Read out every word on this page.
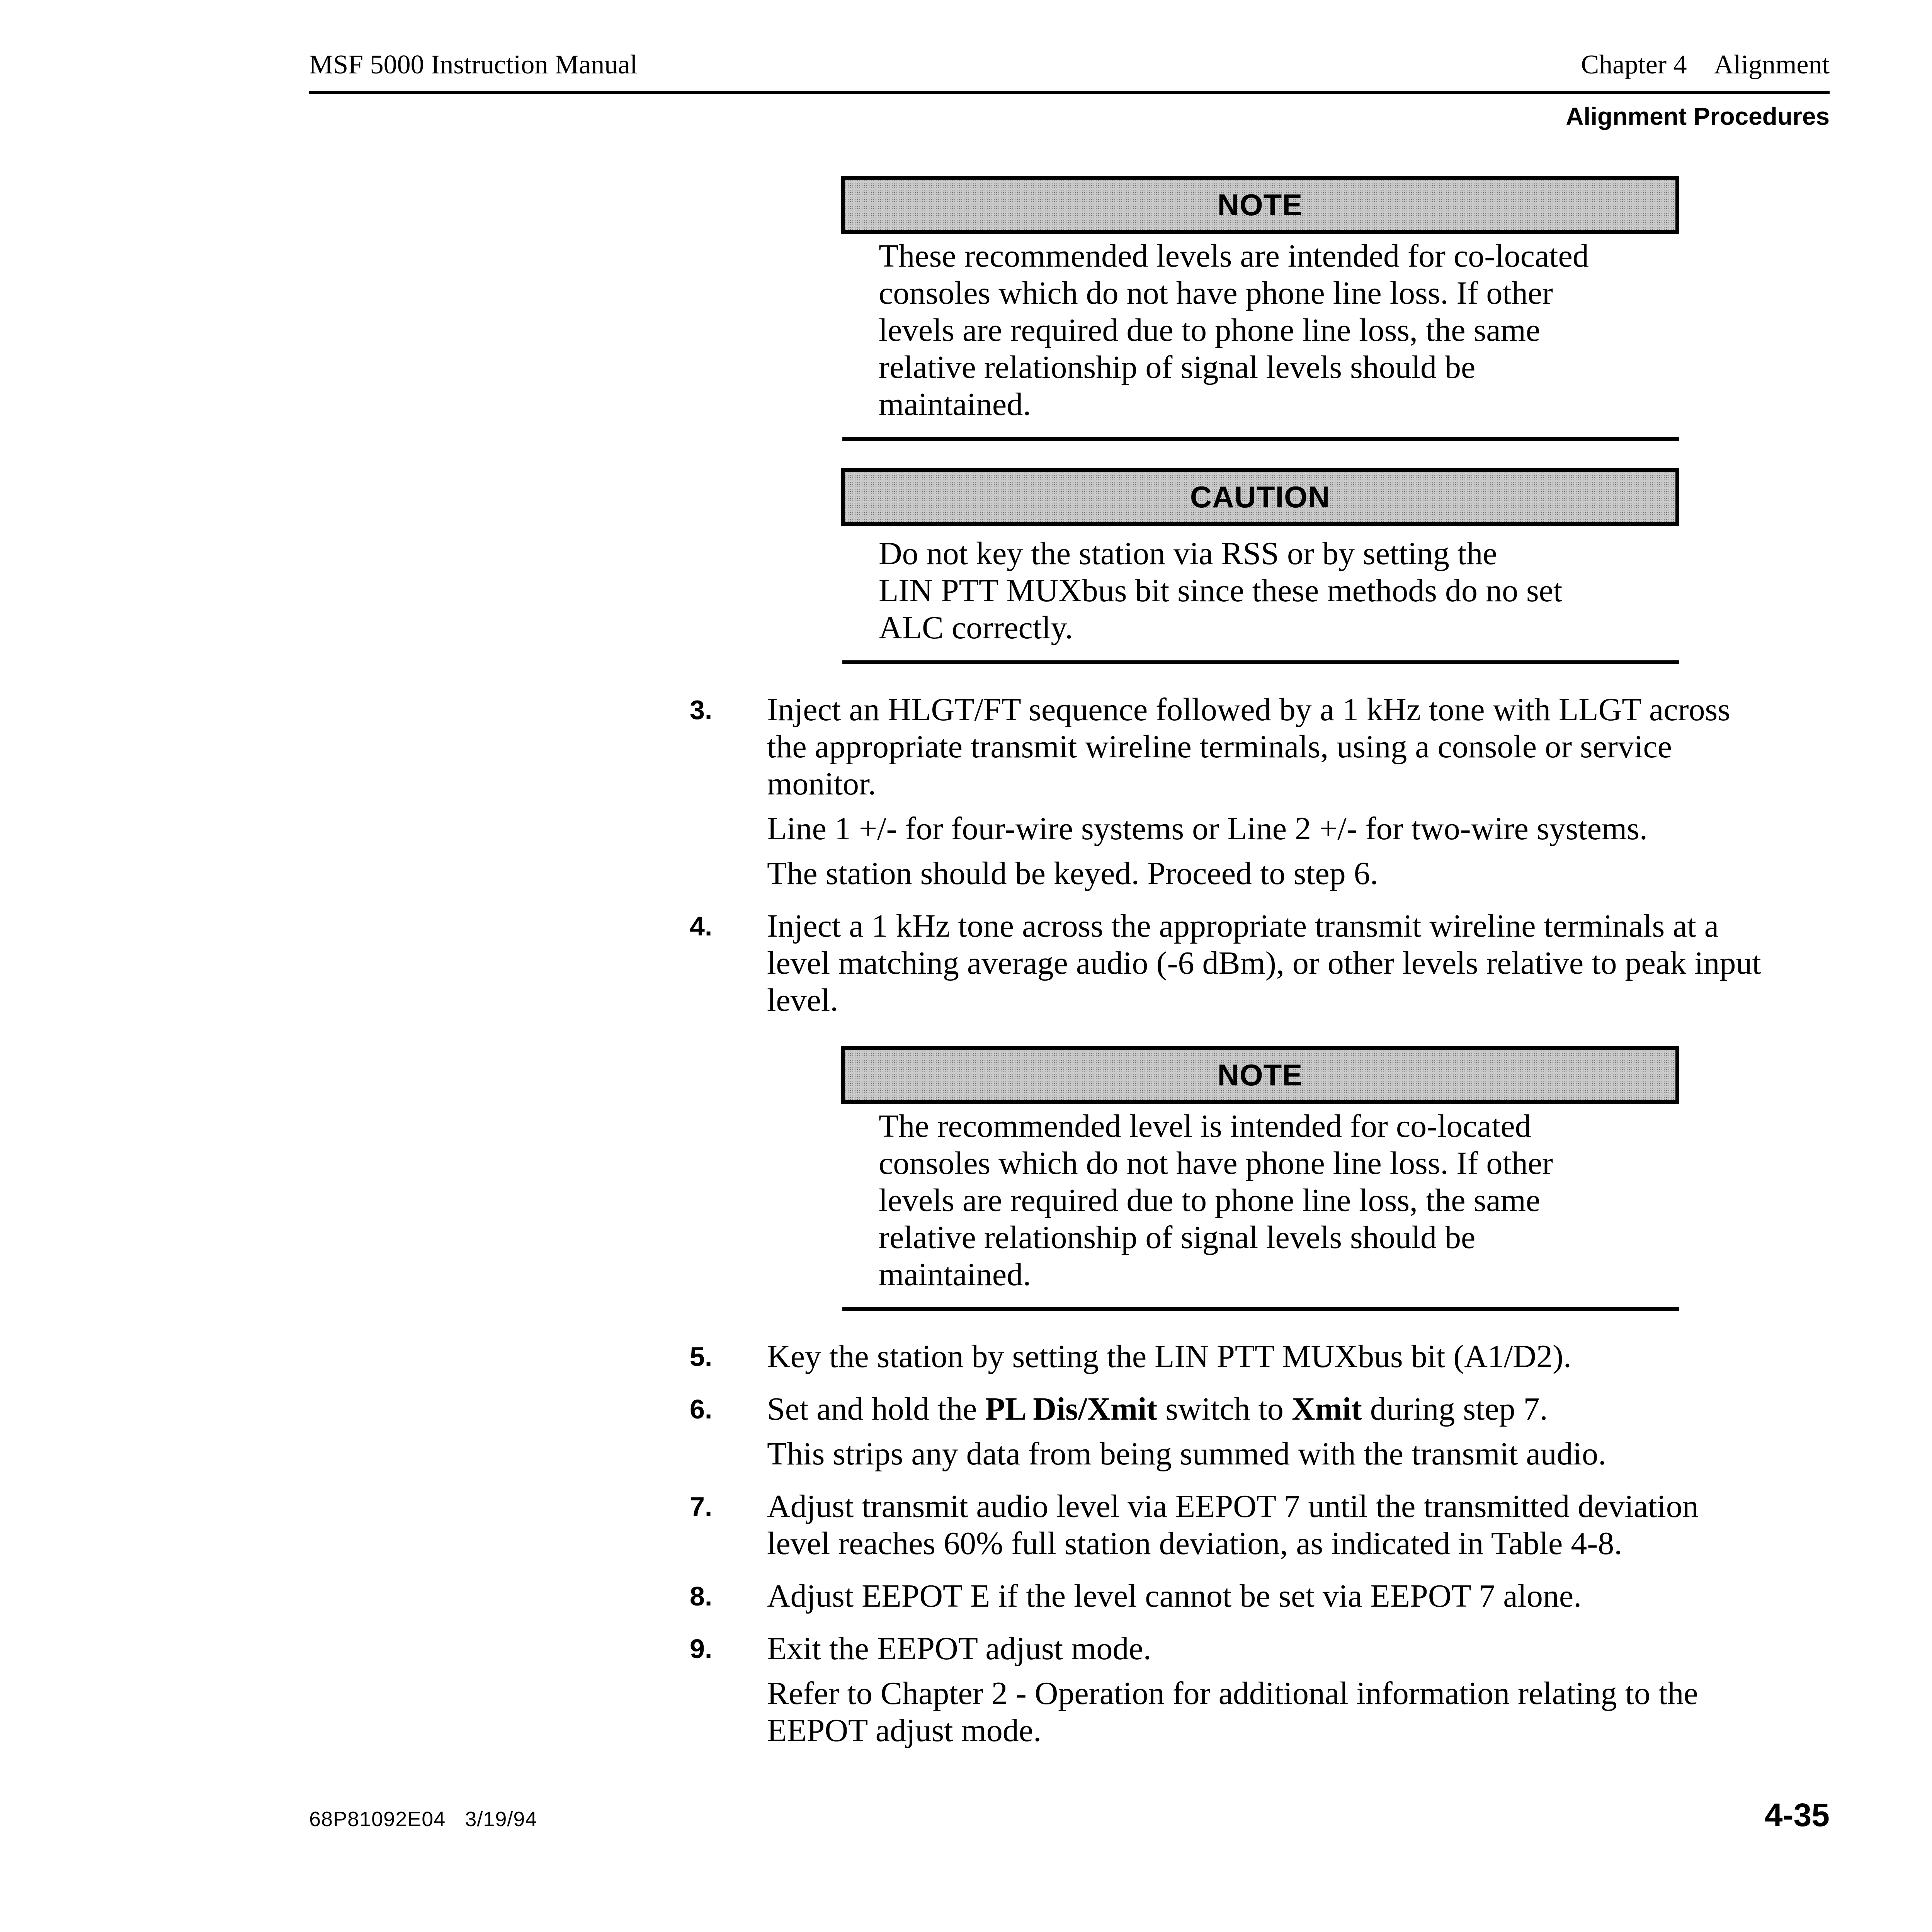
MSF 5000 Instruction Manual	Chapter 4 Alignment
Alignment Procedures
NOTE
These recommended levels are intended for co-located
consoles which do not have phone line loss. If other
levels are required due to phone line loss, the same
relative relationship of signal levels should be
maintained.
CAUTION
Do not key the station via RSS or by setting the
LIN PTT MUXbus bit since these methods do no set
ALC correctly.
3. Inject an HLGT/FT sequence followed by a 1 kHz tone with LLGT across
the appropriate transmit wireline terminals, using a console or service
monitor.
Line 1 +/- for four-wire systems or Line 2 +/- for two-wire systems.
The station should be keyed. Proceed to step 6.
4. Inject a 1 kHz tone across the appropriate transmit wireline terminals at a
level matching average audio (-6 dBm), or other levels relative to peak input
level.
NOTE
The recommended level is intended for co-located
consoles which do not have phone line loss. If other
levels are required due to phone line loss, the same
relative relationship of signal levels should be
maintained.
5. Key the station by setting the LIN PTT MUXbus bit (A1/D2).
6. Set and hold the PL Dis/Xmit switch to Xmit during step 7.
This strips any data from being summed with the transmit audio.
7. Adjust transmit audio level via EEPOT 7 until the transmitted deviation
level reaches 60% full station deviation, as indicated in Table 4-8.
8. Adjust EEPOT E if the level cannot be set via EEPOT 7 alone.
9. Exit the EEPOT adjust mode.
Refer to Chapter 2 - Operation for additional information relating to the
EEPOT adjust mode.
68P81092E04 3/19/94	4-35
